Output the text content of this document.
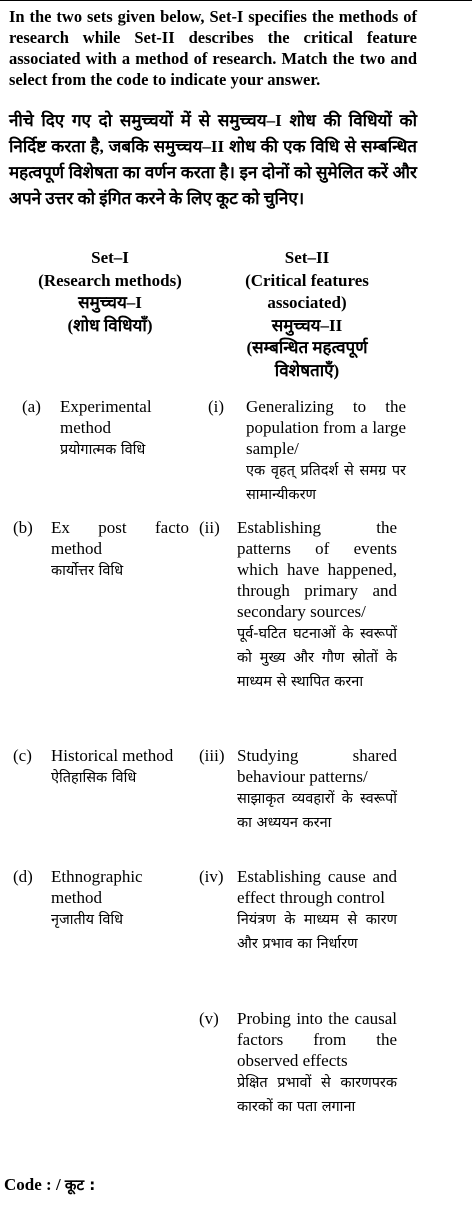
In the two sets given below, Set-I specifies the methods of research while Set-II describes the critical feature associated with a method of research. Match the two and select from the code to indicate your answer.
नीचे दिए गए दो समुच्चयों में से समुच्चय–I शोध की विधियों को निर्दिष्ट करता है, जबकि समुच्चय–II शोध की एक विधि से सम्बन्धित महत्वपूर्ण विशेषता का वर्णन करता है। इन दोनों को सुमेलित करें और अपने उत्तर को इंगित करने के लिए कूट को चुनिए।
Set–I
(Research methods)
समुच्चय–I
(शोध विधियाँ)
Set–II
(Critical features
associated)
समुच्चय–II
(सम्बन्धित महत्वपूर्ण
विशेषताएँ)
(a) Experimental method
प्रयोगात्मक विधि
(b) Ex post facto method
कार्योत्तर विधि
(c) Historical method
ऐतिहासिक विधि
(d) Ethnographic method
नृजातीय विधि
(i) Generalizing to the population from a large sample/
एक वृहत् प्रतिदर्श से समग्र पर सामान्यीकरण
(ii) Establishing the patterns of events which have happened, through primary and secondary sources/
पूर्व-घटित घटनाओं के स्वरूपों को मुख्य और गौण स्रोतों के माध्यम से स्थापित करना
(iii) Studying shared behaviour patterns/
साझाकृत व्यवहारों के स्वरूपों का अध्ययन करना
(iv) Establishing cause and effect through control
नियंत्रण के माध्यम से कारण और प्रभाव का निर्धारण
(v) Probing into the causal factors from the observed effects
प्रेक्षित प्रभावों से कारणपरक कारकों का पता लगाना
Code : / कूट :
